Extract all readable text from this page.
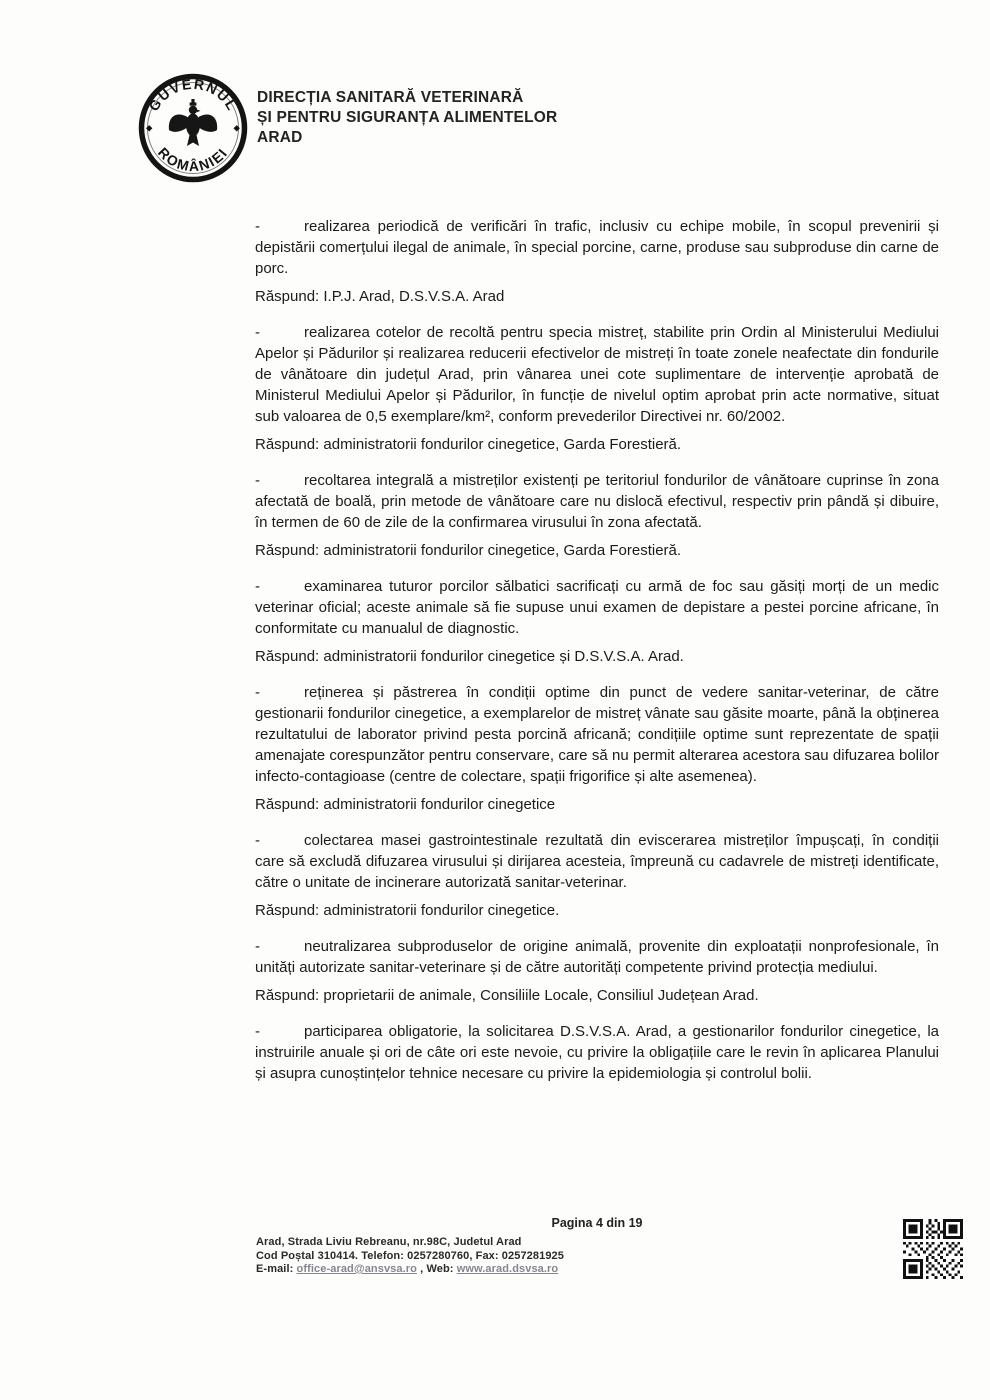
GUVERNUL
ROMÂNIEI
DIRECȚIA SANITARĂ VETERINARĂ
ȘI PENTRU SIGURANȚA ALIMENTELOR
ARAD

-	realizarea periodică de verificări în trafic, inclusiv cu echipe mobile, în scopul prevenirii și depistării comerțului ilegal de animale, în special porcine, carne, produse sau subproduse din carne de porc.

Răspund: I.P.J. Arad, D.S.V.S.A. Arad

-	realizarea cotelor de recoltă pentru specia mistreț, stabilite prin Ordin al Ministerului Mediului Apelor și Pădurilor și realizarea reducerii efectivelor de mistreți în toate zonele neafectate din fondurile de vânătoare din județul Arad, prin vânarea unei cote suplimentare de intervenție aprobată de Ministerul Mediului Apelor și Pădurilor, în funcție de nivelul optim aprobat prin acte normative, situat sub valoarea de 0,5 exemplare/km², conform prevederilor Directivei nr. 60/2002.

Răspund: administratorii fondurilor cinegetice, Garda Forestieră.

-	recoltarea integrală a mistreților existenți pe teritoriul fondurilor de vânătoare cuprinse în zona afectată de boală, prin metode de vânătoare care nu dislocă efectivul, respectiv prin pândă și dibuire, în termen de 60 de zile de la confirmarea virusului în zona afectată.

Răspund: administratorii fondurilor cinegetice, Garda Forestieră.

-	examinarea tuturor porcilor sălbatici sacrificați cu armă de foc sau găsiți morți de un medic veterinar oficial; aceste animale să fie supuse unui examen de depistare a pestei porcine africane, în conformitate cu manualul de diagnostic.

Răspund: administratorii fondurilor cinegetice și D.S.V.S.A. Arad.

-	reținerea și păstrerea în condiții optime din punct de vedere sanitar-veterinar, de către gestionarii fondurilor cinegetice, a exemplarelor de mistreț vânate sau găsite moarte, până la obținerea rezultatului de laborator privind pesta porcină africană; condițiile optime sunt reprezentate de spații amenajate corespunzător pentru conservare, care să nu permit alterarea acestora sau difuzarea bolilor infecto-contagioase (centre de colectare, spații frigorifice și alte asemenea).

Răspund: administratorii fondurilor cinegetice

-	colectarea masei gastrointestinale rezultată din eviscerarea mistreților împușcați, în condiții care să excludă difuzarea virusului și dirijarea acesteia, împreună cu cadavrele de mistreți identificate, către o unitate de incinerare autorizată sanitar-veterinar.

Răspund: administratorii fondurilor cinegetice.

-	neutralizarea subproduselor de origine animală, provenite din exploatații nonprofesionale, în unități autorizate sanitar-veterinare și de către autorități competente privind protecția mediului.

Răspund: proprietarii de animale, Consiliile Locale, Consiliul Județean Arad.

-	participarea obligatorie, la solicitarea D.S.V.S.A. Arad, a gestionarilor fondurilor cinegetice, la instruirile anuale și ori de câte ori este nevoie, cu privire la obligațiile care le revin în aplicarea Planului și asupra cunoștințelor tehnice necesare cu privire la epidemiologia și controlul bolii.

Pagina 4 din 19
Arad, Strada Liviu Rebreanu, nr.98C, Judetul Arad
Cod Poștal 310414. Telefon: 0257280760, Fax: 0257281925
E-mail: office-arad@ansvsa.ro , Web: www.arad.dsvsa.ro
